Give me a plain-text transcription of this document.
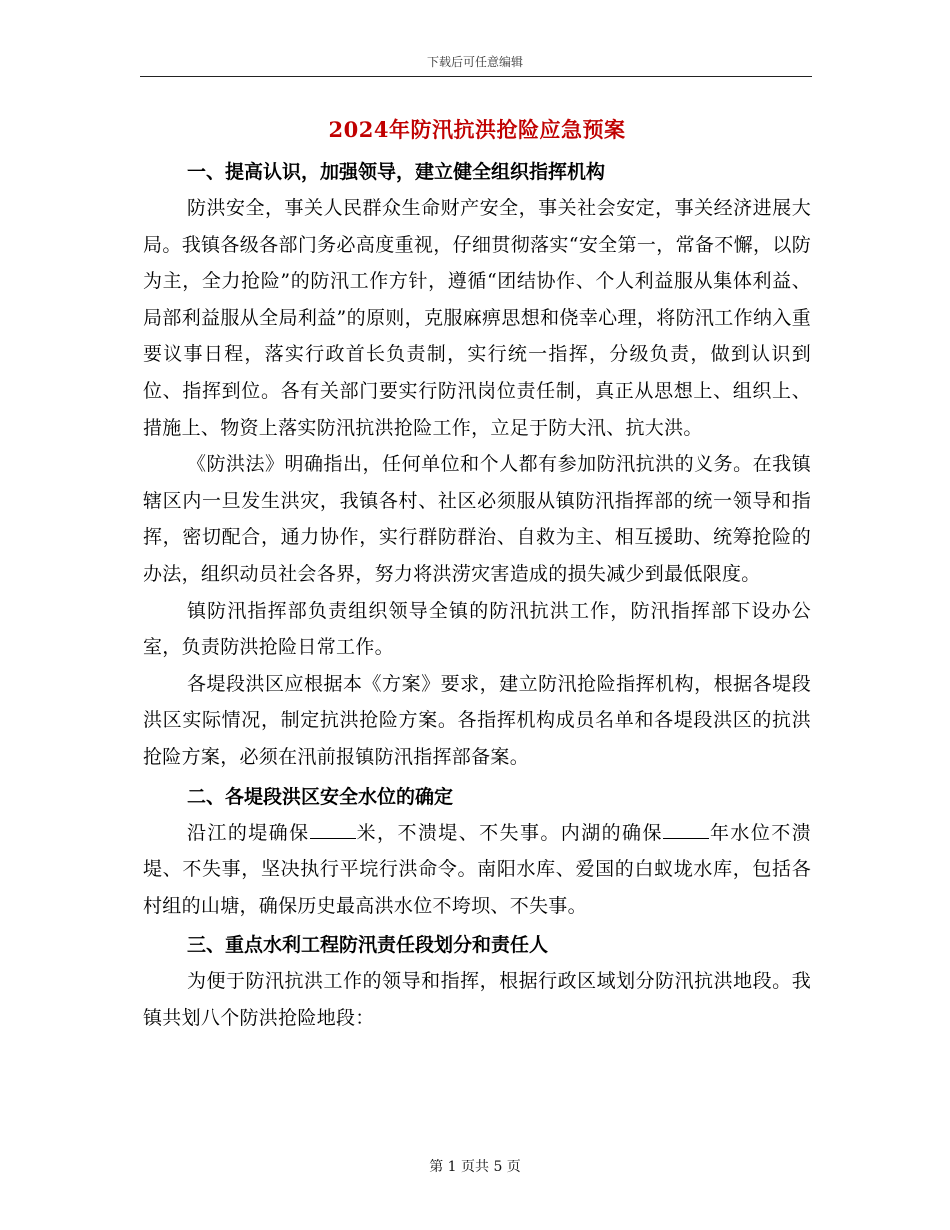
下载后可任意编辑
2024年防汛抗洪抢险应急预案
一、提高认识，加强领导，建立健全组织指挥机构

防洪安全，事关人民群众生命财产安全，事关社会安定，事关经济进展大局。我镇各级各部门务必高度重视，仔细贯彻落实“安全第一，常备不懈，以防为主，全力抢险”的防汛工作方针，遵循“团结协作、个人利益服从集体利益、局部利益服从全局利益”的原则，克服麻痹思想和侥幸心理，将防汛工作纳入重要议事日程，落实行政首长负责制，实行统一指挥，分级负责，做到认识到位、指挥到位。各有关部门要实行防汛岗位责任制，真正从思想上、组织上、措施上、物资上落实防汛抗洪抢险工作，立足于防大汛、抗大洪。

《防洪法》明确指出，任何单位和个人都有参加防汛抗洪的义务。在我镇辖区内一旦发生洪灾，我镇各村、社区必须服从镇防汛指挥部的统一领导和指挥，密切配合，通力协作，实行群防群治、自救为主、相互援助、统筹抢险的办法，组织动员社会各界，努力将洪涝灾害造成的损失减少到最低限度。

镇防汛指挥部负责组织领导全镇的防汛抗洪工作，防汛指挥部下设办公室，负责防洪抢险日常工作。

各堤段洪区应根据本《方案》要求，建立防汛抢险指挥机构，根据各堤段洪区实际情况，制定抗洪抢险方案。各指挥机构成员名单和各堤段洪区的抗洪抢险方案，必须在汛前报镇防汛指挥部备案。

二、各堤段洪区安全水位的确定

沿江的堤确保 米，不溃堤、不失事。内湖的确保 年水位不溃堤、不失事，坚决执行平垸行洪命令。南阳水库、爱国的白蚁垅水库，包括各村组的山塘，确保历史最高洪水位不垮坝、不失事。

三、重点水利工程防汛责任段划分和责任人

为便于防汛抗洪工作的领导和指挥，根据行政区域划分防汛抗洪地段。我镇共划八个防洪抢险地段：

第 1 页共 5 页
